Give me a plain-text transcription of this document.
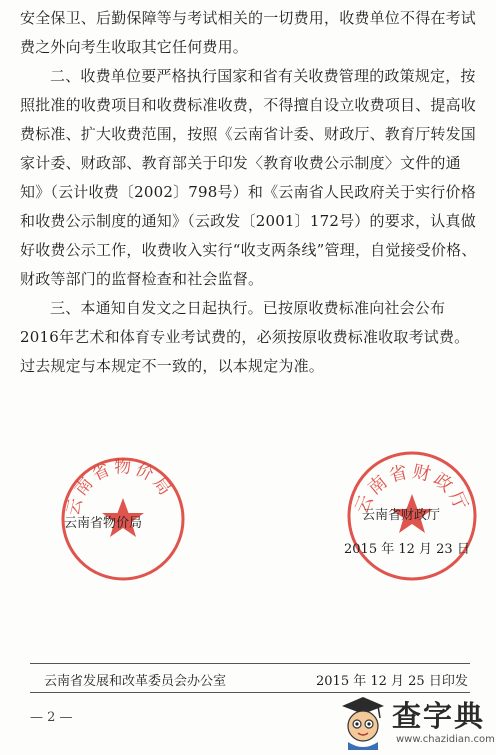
安全保卫、后勤保障等与考试相关的一切费用，收费单位不得在考试费之外向考生收取其它任何费用。

二、收费单位要严格执行国家和省有关收费管理的政策规定，按照批准的收费项目和收费标准收费，不得擅自设立收费项目、提高收费标准、扩大收费范围，按照《云南省计委、财政厅、教育厅转发国家计委、财政部、教育部关于印发〈教育收费公示制度〉文件的通知》（云计收费〔2002〕798号）和《云南省人民政府关于实行价格和收费公示制度的通知》（云政发〔2001〕172号）的要求，认真做好收费公示工作，收费收入实行“收支两条线”管理，自觉接受价格、财政等部门的监督检查和社会监督。

三、本通知自发文之日起执行。已按原收费标准向社会公布2016年艺术和体育专业考试费的，必须按原收费标准收取考试费。过去规定与本规定不一致的，以本规定为准。

云南省物价局
云南省物价局
云南省财政厅
云南省财政厅
2015 年 12 月 23 日
云南省发展和改革委员会办公室	2015 年 12 月 25 日印发
— 2 —	查字典
www.chazidian.com
